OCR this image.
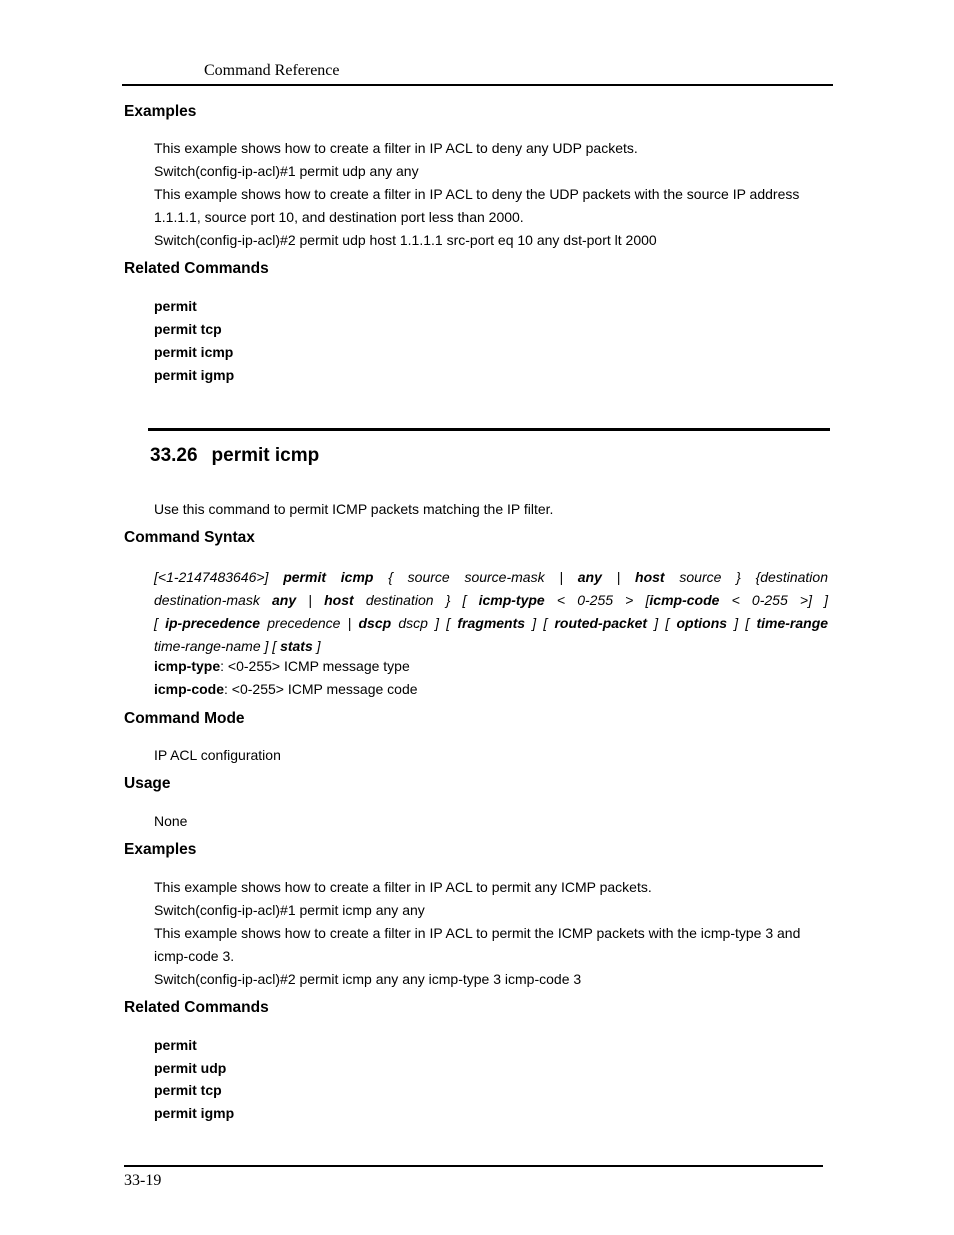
Command Reference
Examples
This example shows how to create a filter in IP ACL to deny any UDP packets.
Switch(config-ip-acl)#1 permit udp any any
This example shows how to create a filter in IP ACL to deny the UDP packets with the source IP address
1.1.1.1, source port 10, and destination port less than 2000.
Switch(config-ip-acl)#2 permit udp host 1.1.1.1 src-port eq 10 any dst-port lt 2000
Related Commands
permit
permit tcp
permit icmp
permit igmp
33.26 permit icmp
Use this command to permit ICMP packets matching the IP filter.
Command Syntax
[<1-2147483646>] permit icmp { source source-mask | any | host source } {destination
destination-mask any | host destination } [ icmp-type < 0-255 > [icmp-code < 0-255 >] ]
[ ip-precedence precedence | dscp dscp ] [ fragments ] [ routed-packet ] [ options ] [ time-range
time-range-name ] [ stats ]
icmp-type: <0-255> ICMP message type
icmp-code: <0-255> ICMP message code
Command Mode
IP ACL configuration
Usage
None
Examples
This example shows how to create a filter in IP ACL to permit any ICMP packets.
Switch(config-ip-acl)#1 permit icmp any any
This example shows how to create a filter in IP ACL to permit the ICMP packets with the icmp-type 3 and
icmp-code 3.
Switch(config-ip-acl)#2 permit icmp any any icmp-type 3 icmp-code 3
Related Commands
permit
permit udp
permit tcp
permit igmp
33-19
